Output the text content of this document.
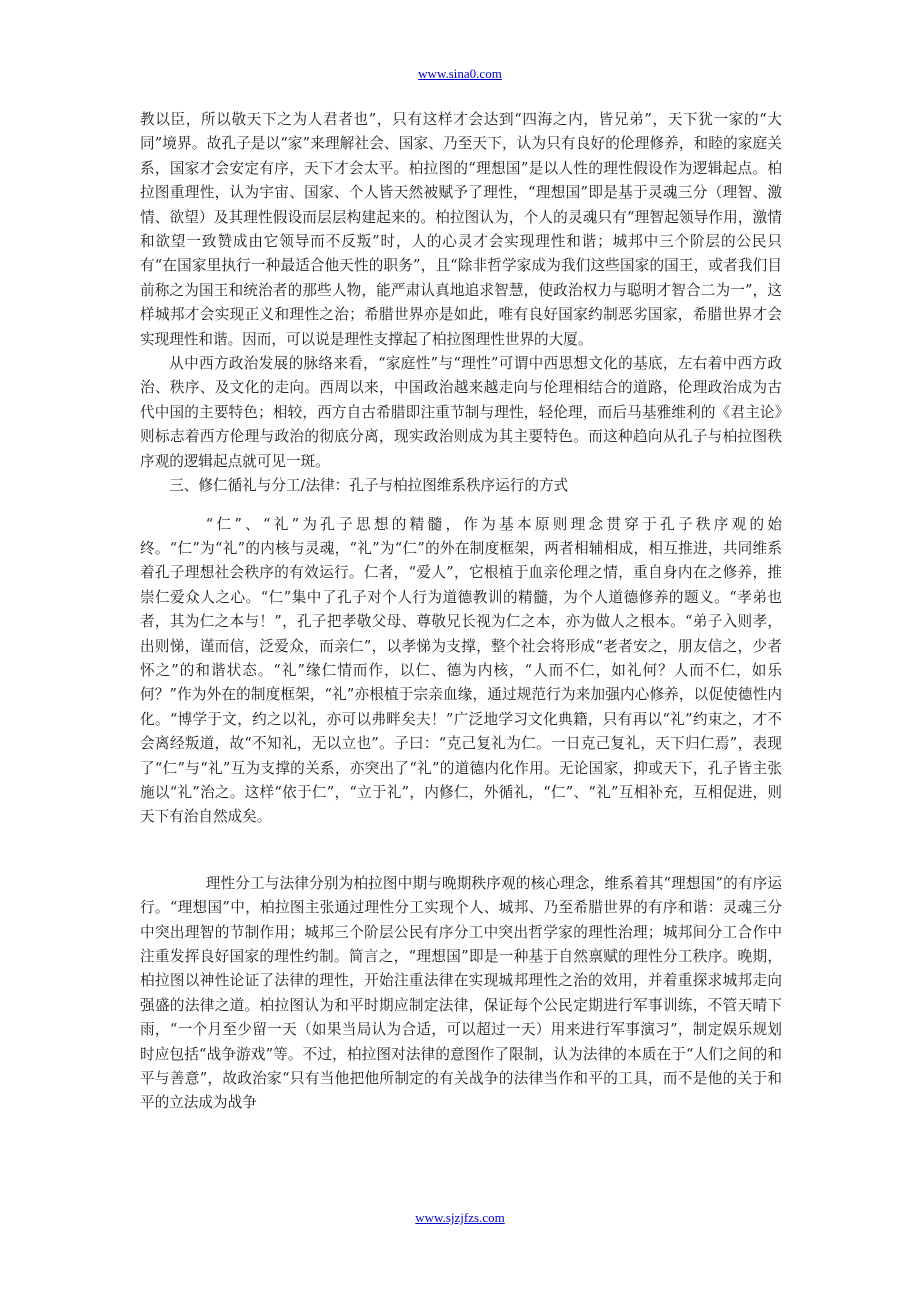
www.sina0.com

教以臣，所以敬天下之为人君者也”，只有这样才会达到“四海之内，皆兄弟”，天下犹一家的“大同”境界。故孔子是以“家”来理解社会、国家、乃至天下，认为只有良好的伦理修养，和睦的家庭关系，国家才会安定有序，天下才会太平。柏拉图的“理想国”是以人性的理性假设作为逻辑起点。柏拉图重理性，认为宇宙、国家、个人皆天然被赋予了理性，“理想国”即是基于灵魂三分（理智、激情、欲望）及其理性假设而层层构建起来的。柏拉图认为，个人的灵魂只有“理智起领导作用，激情和欲望一致赞成由它领导而不反叛”时，人的心灵才会实现理性和谐；城邦中三个阶层的公民只有“在国家里执行一种最适合他天性的职务”，且“除非哲学家成为我们这些国家的国王，或者我们目前称之为国王和统治者的那些人物，能严肃认真地追求智慧，使政治权力与聪明才智合二为一”，这样城邦才会实现正义和理性之治；希腊世界亦是如此，唯有良好国家约制恶劣国家，希腊世界才会实现理性和谐。因而，可以说是理性支撑起了柏拉图理性世界的大厦。

从中西方政治发展的脉络来看，“家庭性”与“理性”可谓中西思想文化的基底，左右着中西方政治、秩序、及文化的走向。西周以来，中国政治越来越走向与伦理相结合的道路，伦理政治成为古代中国的主要特色；相较，西方自古希腊即注重节制与理性，轻伦理，而后马基雅维利的《君主论》则标志着西方伦理与政治的彻底分离，现实政治则成为其主要特色。而这种趋向从孔子与柏拉图秩序观的逻辑起点就可见一斑。

三、修仁循礼与分工/法律：孔子与柏拉图维系秩序运行的方式

“仁”、“礼”为孔子思想的精髓，作为基本原则理念贯穿于孔子秩序观的始终。“仁”为“礼”的内核与灵魂，“礼”为“仁”的外在制度框架，两者相辅相成，相互推进，共同维系着孔子理想社会秩序的有效运行。仁者，“爱人”，它根植于血亲伦理之情，重自身内在之修养，推崇仁爱众人之心。“仁”集中了孔子对个人行为道德教训的精髓，为个人道德修养的题义。“孝弟也者，其为仁之本与！”，孔子把孝敬父母、尊敬兄长视为仁之本，亦为做人之根本。“弟子入则孝，出则悌，谨而信，泛爱众，而亲仁”，以孝悌为支撑，整个社会将形成“老者安之，朋友信之，少者怀之”的和谐状态。“礼”缘仁情而作，以仁、德为内核，“人而不仁，如礼何？人而不仁，如乐何？”作为外在的制度框架，“礼”亦根植于宗亲血缘，通过规范行为来加强内心修养，以促使德性内化。“博学于文，约之以礼，亦可以弗畔矣夫！”广泛地学习文化典籍，只有再以“礼”约束之，才不会离经叛道，故“不知礼，无以立也”。子曰：“克己复礼为仁。一日克己复礼，天下归仁焉”，表现了“仁”与“礼”互为支撑的关系，亦突出了“礼”的道德内化作用。无论国家，抑或天下，孔子皆主张施以“礼”治之。这样“依于仁”，“立于礼”，内修仁，外循礼，“仁”、“礼”互相补充，互相促进，则天下有治自然成矣。

理性分工与法律分别为柏拉图中期与晚期秩序观的核心理念，维系着其“理想国”的有序运行。“理想国”中，柏拉图主张通过理性分工实现个人、城邦、乃至希腊世界的有序和谐：灵魂三分中突出理智的节制作用；城邦三个阶层公民有序分工中突出哲学家的理性治理；城邦间分工合作中注重发挥良好国家的理性约制。简言之，“理想国”即是一种基于自然禀赋的理性分工秩序。晚期，柏拉图以神性论证了法律的理性，开始注重法律在实现城邦理性之治的效用，并着重探求城邦走向强盛的法律之道。柏拉图认为和平时期应制定法律，保证每个公民定期进行军事训练，不管天晴下雨，“一个月至少留一天（如果当局认为合适，可以超过一天）用来进行军事演习”，制定娱乐规划时应包括“战争游戏”等。不过，柏拉图对法律的意图作了限制，认为法律的本质在于“人们之间的和平与善意”，故政治家“只有当他把他所制定的有关战争的法律当作和平的工具，而不是他的关于和平的立法成为战争

www.sjzjfzs.com
